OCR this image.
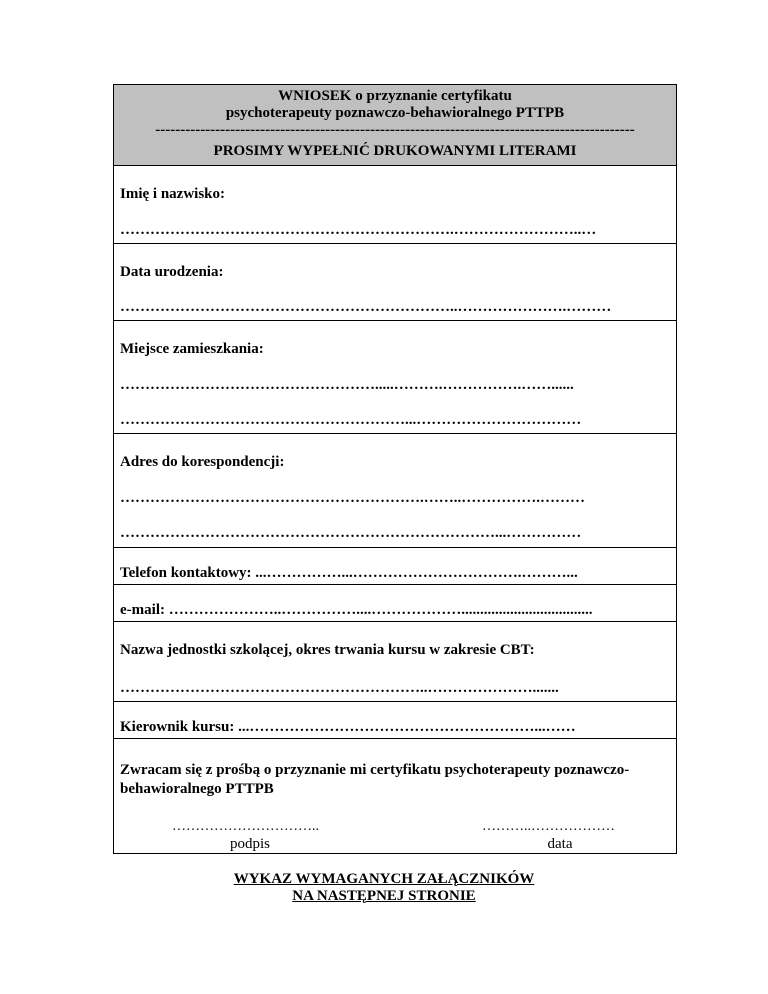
WNIOSEK o przyznanie certyfikatu
psychoterapeuty poznawczo-behawioralnego PTTPB
------------------------------------------------------------------------------------------------
PROSIMY WYPEŁNIĆ DRUKOWANYMI LITERAMI
Imię i nazwisko:
………………………………………………………….……………………..…
Data urodzenia:
…………………………………………………………..………………….………
Miejsce zamieszkania:
…………………………………………….....……….…………….……......
…………………………………………………...……………………………
Adres do korespondencji:
…………………………………………………….……..…………….………
…………………………………………………………………...……………
Telefon kontaktowy: ...……………...…………………………….………...
e-mail: …………………..……………....………………...................................
Nazwa jednostki szkolącej, okres trwania kursu w zakresie CBT:
……………………………………………………..………………….......
Kierownik kursu: ...…………………………………………………...……
Zwracam się z prośbą o przyznanie mi certyfikatu psychoterapeuty poznawczo-behawioralnego PTTPB
…………………………..
podpis
………..………………
data
WYKAZ WYMAGANYCH ZAŁĄCZNIKÓW
NA NASTĘPNEJ STRONIE
